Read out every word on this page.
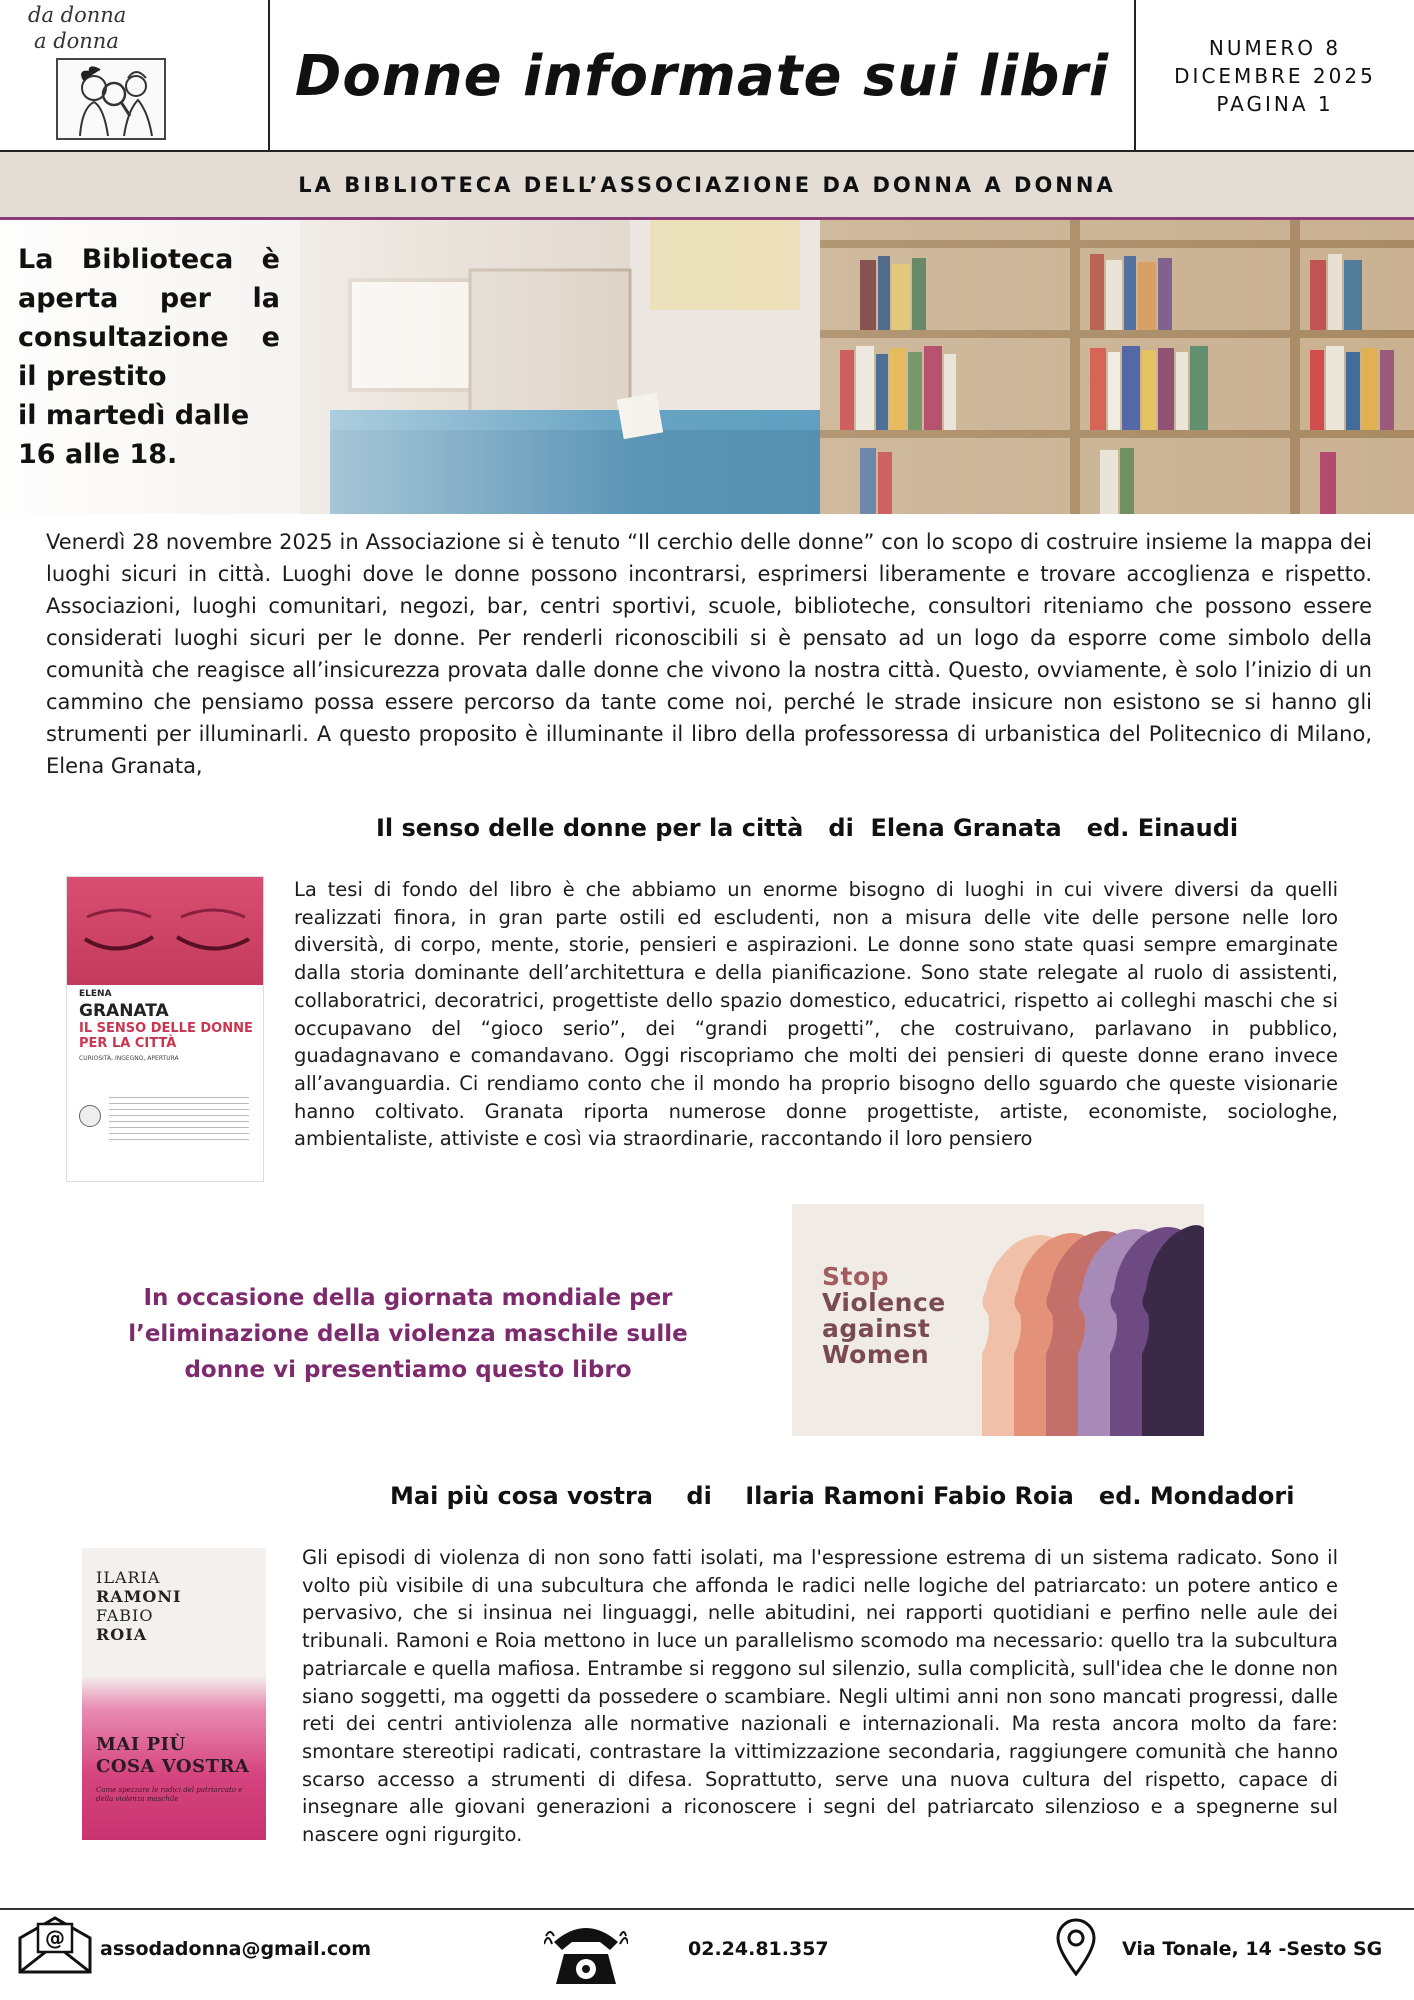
da donna
a donna
Donne informate sui libri	NUMERO 8
DICEMBRE 2025
PAGINA 1
LA BIBLIOTECA DELL’ASSOCIAZIONE DA DONNA A DONNA
La Biblioteca è aperta per la consultazione e il prestito
il martedì dalle 16 alle 18.

Venerdì 28 novembre 2025 in Associazione si è tenuto “Il cerchio delle donne” con lo scopo di costruire insieme la mappa dei luoghi sicuri in città. Luoghi dove le donne possono incontrarsi, esprimersi liberamente e trovare accoglienza e rispetto. Associazioni, luoghi comunitari, negozi, bar, centri sportivi, scuole, biblioteche, consultori riteniamo che possono essere considerati luoghi sicuri per le donne. Per renderli riconoscibili si è pensato ad un logo da esporre come simbolo della comunità che reagisce all’insicurezza provata dalle donne che vivono la nostra città. Questo, ovviamente, è solo l’inizio di un cammino che pensiamo possa essere percorso da tante come noi, perché le strade insicure non esistono se si hanno gli strumenti per illuminarli. A questo proposito è illuminante il libro della professoressa di urbanistica del Politecnico di Milano, Elena Granata,

Il senso delle donne per la città   di  Elena Granata   ed. Einaudi
ELENA
GRANATA
IL SENSO DELLE DONNE PER LA CITTÀ
CURIOSITÀ, INGEGNO, APERTURA

La tesi di fondo del libro è che abbiamo un enorme bisogno di luoghi in cui vivere diversi da quelli realizzati finora, in gran parte ostili ed escludenti, non a misura delle vite delle persone nelle loro diversità, di corpo, mente, storie, pensieri e aspirazioni. Le donne sono state quasi sempre emarginate dalla storia dominante dell’architettura e della pianificazione. Sono state relegate al ruolo di assistenti, collaboratrici, decoratrici, progettiste dello spazio domestico, educatrici, rispetto ai colleghi maschi che si occupavano del “gioco serio”, dei “grandi progetti”, che costruivano, parlavano in pubblico, guadagnavano e comandavano. Oggi riscopriamo che molti dei pensieri di queste donne erano invece all’avanguardia. Ci rendiamo conto che il mondo ha proprio bisogno dello sguardo che queste visionarie hanno coltivato. Granata riporta numerose donne progettiste, artiste, economiste, sociologhe, ambientaliste, attiviste e così via straordinarie, raccontando il loro pensiero

In occasione della giornata mondiale per l’eliminazione della violenza maschile sulle donne vi presentiamo questo libro

Stop
Violence
against
Women
Mai più cosa vostra    di    Ilaria Ramoni Fabio Roia   ed. Mondadori
ILARIA
RAMONI
FABIO
ROIA
MAI PIÙ
COSA VOSTRA
Come spezzare le radici del patriarcato e della violenza maschile

Gli episodi di violenza di non sono fatti isolati, ma l'espressione estrema di un sistema radicato. Sono il volto più visibile di una subcultura che affonda le radici nelle logiche del patriarcato: un potere antico e pervasivo, che si insinua nei linguaggi, nelle abitudini, nei rapporti quotidiani e perfino nelle aule dei tribunali. Ramoni e Roia mettono in luce un parallelismo scomodo ma necessario: quello tra la subcultura patriarcale e quella mafiosa. Entrambe si reggono sul silenzio, sulla complicità, sull'idea che le donne non siano soggetti, ma oggetti da possedere o scambiare. Negli ultimi anni non sono mancati progressi, dalle reti dei centri antiviolenza alle normative nazionali e internazionali. Ma resta ancora molto da fare: smontare stereotipi radicati, contrastare la vittimizzazione secondaria, raggiungere comunità che hanno scarso accesso a strumenti di difesa. Soprattutto, serve una nuova cultura del rispetto, capace di insegnare alle giovani generazioni a riconoscere i segni del patriarcato silenzioso e a spegnerne sul nascere ogni rigurgito.

@ assodadonna@gmail.com	02.24.81.357	Via Tonale, 14 -Sesto SG
